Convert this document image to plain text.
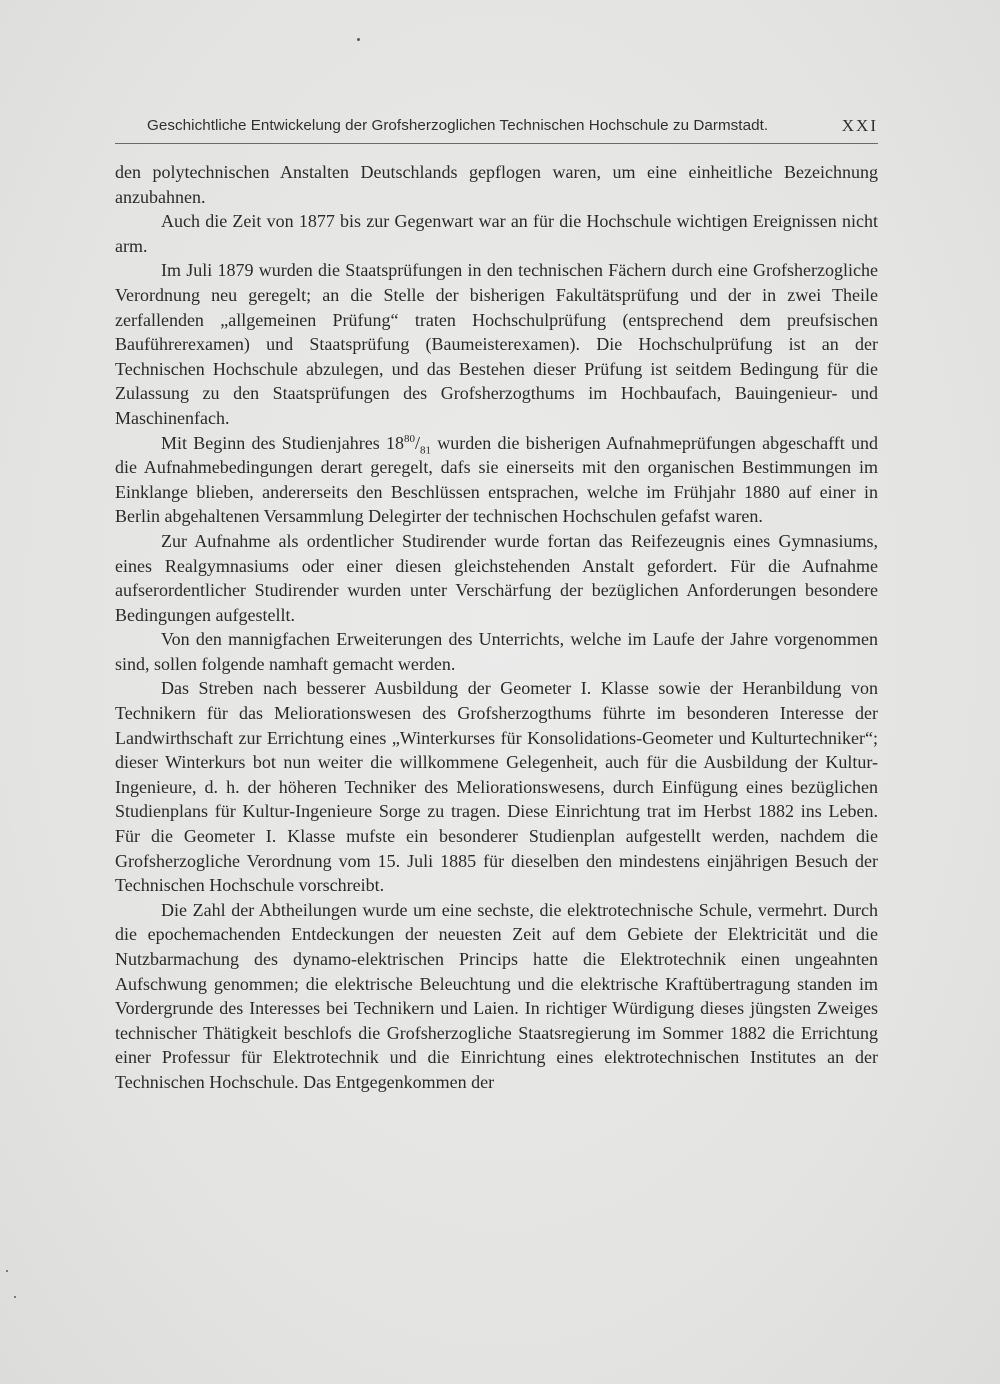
Geschichtliche Entwickelung der Grofsherzoglichen Technischen Hochschule zu Darmstadt.	XXI

den polytechnischen Anstalten Deutschlands gepflogen waren, um eine einheitliche Bezeichnung anzubahnen.

Auch die Zeit von 1877 bis zur Gegenwart war an für die Hochschule wichtigen Ereignissen nicht arm.

Im Juli 1879 wurden die Staatsprüfungen in den technischen Fächern durch eine Grofsherzogliche Verordnung neu geregelt; an die Stelle der bisherigen Fakultätsprüfung und der in zwei Theile zerfallenden „allgemeinen Prüfung“ traten Hochschulprüfung (entsprechend dem preufsischen Bauführerexamen) und Staatsprüfung (Baumeisterexamen). Die Hochschulprüfung ist an der Technischen Hochschule abzulegen, und das Bestehen dieser Prüfung ist seitdem Bedingung für die Zulassung zu den Staatsprüfungen des Grofsherzogthums im Hochbaufach, Bauingenieur- und Maschinenfach.

Mit Beginn des Studienjahres $18^{80}/_{81}$ wurden die bisherigen Aufnahmeprüfungen abgeschafft und die Aufnahmebedingungen derart geregelt, dafs sie einerseits mit den organischen Bestimmungen im Einklange blieben, andererseits den Beschlüssen entsprachen, welche im Frühjahr 1880 auf einer in Berlin abgehaltenen Versammlung Delegirter der technischen Hochschulen gefafst waren.

Zur Aufnahme als ordentlicher Studirender wurde fortan das Reifezeugnis eines Gymnasiums, eines Realgymnasiums oder einer diesen gleichstehenden Anstalt gefordert. Für die Aufnahme aufserordentlicher Studirender wurden unter Verschärfung der bezüglichen Anforderungen besondere Bedingungen aufgestellt.

Von den mannigfachen Erweiterungen des Unterrichts, welche im Laufe der Jahre vorgenommen sind, sollen folgende namhaft gemacht werden.

Das Streben nach besserer Ausbildung der Geometer I. Klasse sowie der Heranbildung von Technikern für das Meliorationswesen des Grofsherzogthums führte im besonderen Interesse der Landwirthschaft zur Errichtung eines „Winterkurses für Konsolidations-Geometer und Kulturtechniker“; dieser Winterkurs bot nun weiter die willkommene Gelegenheit, auch für die Ausbildung der Kultur-Ingenieure, d. h. der höheren Techniker des Meliorationswesens, durch Einfügung eines bezüglichen Studienplans für Kultur-Ingenieure Sorge zu tragen. Diese Einrichtung trat im Herbst 1882 ins Leben. Für die Geometer I. Klasse mufste ein besonderer Studienplan aufgestellt werden, nachdem die Grofsherzogliche Verordnung vom 15. Juli 1885 für dieselben den mindestens einjährigen Besuch der Technischen Hochschule vorschreibt.

Die Zahl der Abtheilungen wurde um eine sechste, die elektrotechnische Schule, vermehrt. Durch die epochemachenden Entdeckungen der neuesten Zeit auf dem Gebiete der Elektricität und die Nutzbarmachung des dynamo-elektrischen Princips hatte die Elektrotechnik einen ungeahnten Aufschwung genommen; die elektrische Beleuchtung und die elektrische Kraftübertragung standen im Vordergrunde des Interesses bei Technikern und Laien. In richtiger Würdigung dieses jüngsten Zweiges technischer Thätigkeit beschlofs die Grofsherzogliche Staatsregierung im Sommer 1882 die Errichtung einer Professur für Elektrotechnik und die Einrichtung eines elektrotechnischen Institutes an der Technischen Hochschule. Das Entgegenkommen der
